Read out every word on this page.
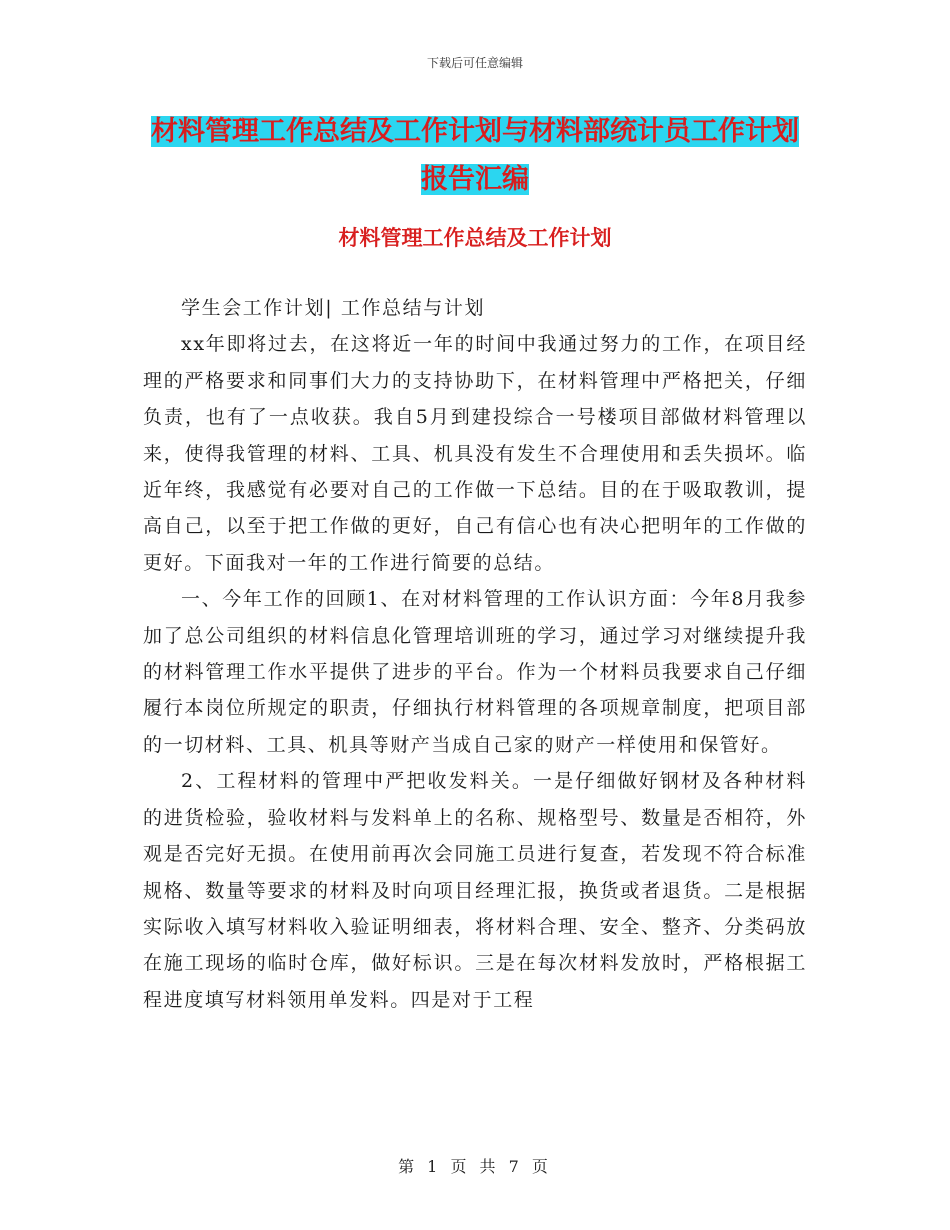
下载后可任意编辑
材料管理工作总结及工作计划与材料部统计员工作计划报告汇编
材料管理工作总结及工作计划

学生会工作计划| 工作总结与计划

xx年即将过去，在这将近一年的时间中我通过努力的工作，在项目经理的严格要求和同事们大力的支持协助下，在材料管理中严格把关，仔细负责，也有了一点收获。我自5月到建投综合一号楼项目部做材料管理以来，使得我管理的材料、工具、机具没有发生不合理使用和丢失损坏。临近年终，我感觉有必要对自己的工作做一下总结。目的在于吸取教训，提高自己，以至于把工作做的更好，自己有信心也有决心把明年的工作做的更好。下面我对一年的工作进行简要的总结。

一、今年工作的回顾1、在对材料管理的工作认识方面：今年8月我参加了总公司组织的材料信息化管理培训班的学习，通过学习对继续提升我的材料管理工作水平提供了进步的平台。作为一个材料员我要求自己仔细履行本岗位所规定的职责，仔细执行材料管理的各项规章制度，把项目部的一切材料、工具、机具等财产当成自己家的财产一样使用和保管好。

2、工程材料的管理中严把收发料关。一是仔细做好钢材及各种材料的进货检验，验收材料与发料单上的名称、规格型号、数量是否相符，外观是否完好无损。在使用前再次会同施工员进行复查，若发现不符合标准规格、数量等要求的材料及时向项目经理汇报，换货或者退货。二是根据实际收入填写材料收入验证明细表，将材料合理、安全、整齐、分类码放在施工现场的临时仓库，做好标识。三是在每次材料发放时，严格根据工程进度填写材料领用单发料。四是对于工程

第 1 页 共 7 页
